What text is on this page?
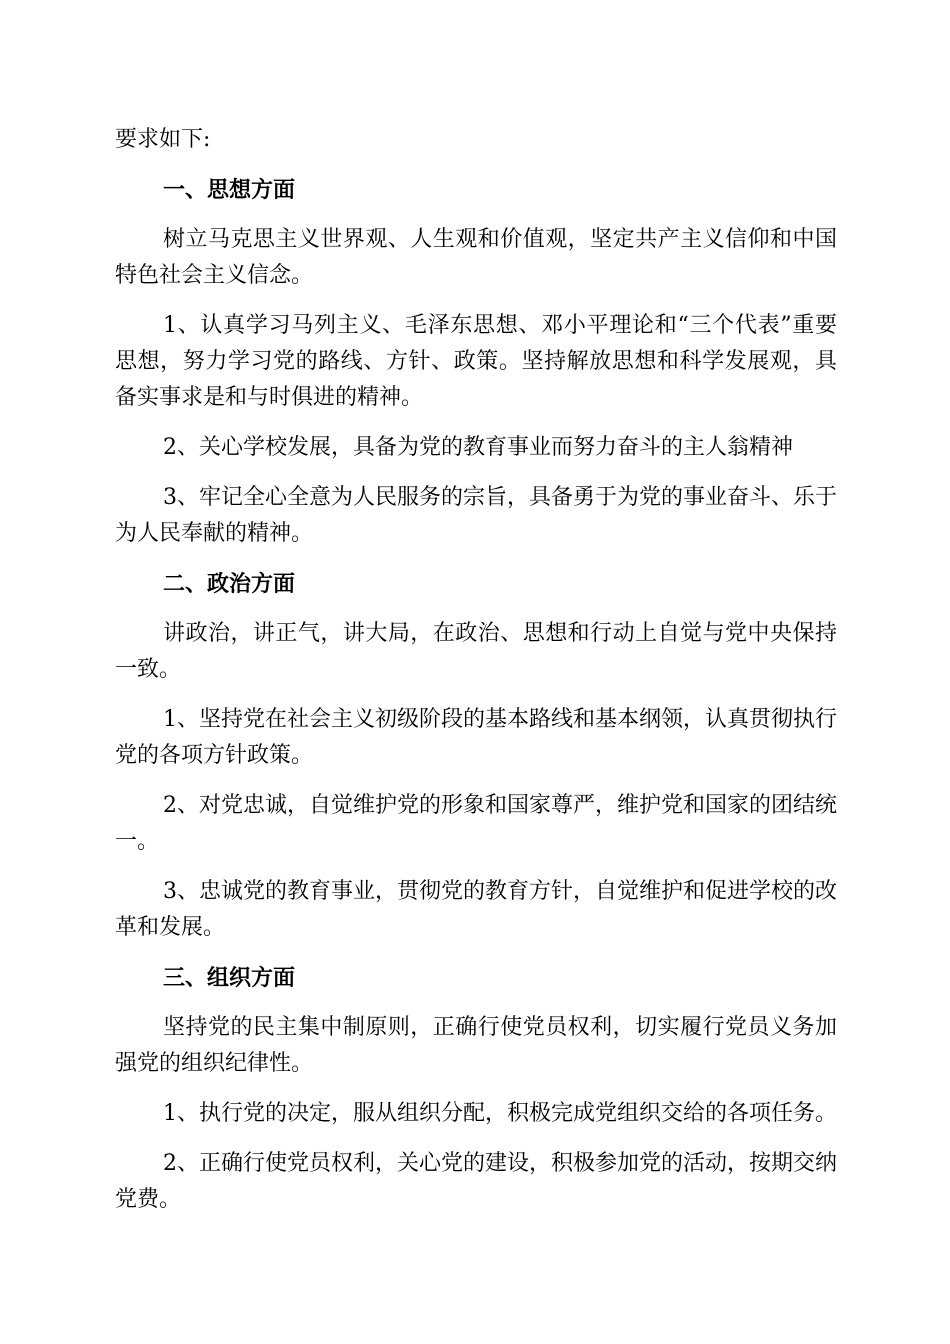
要求如下:

一、思想方面

树立马克思主义世界观、人生观和价值观，坚定共产主义信仰和中国特色社会主义信念。

1、认真学习马列主义、毛泽东思想、邓小平理论和“三个代表”重要思想，努力学习党的路线、方针、政策。坚持解放思想和科学发展观，具备实事求是和与时俱进的精神。

2、关心学校发展，具备为党的教育事业而努力奋斗的主人翁精神

3、牢记全心全意为人民服务的宗旨，具备勇于为党的事业奋斗、乐于为人民奉献的精神。

二、政治方面

讲政治，讲正气，讲大局，在政治、思想和行动上自觉与党中央保持一致。

1、坚持党在社会主义初级阶段的基本路线和基本纲领，认真贯彻执行党的各项方针政策。

2、对党忠诚，自觉维护党的形象和国家尊严，维护党和国家的团结统一。

3、忠诚党的教育事业，贯彻党的教育方针，自觉维护和促进学校的改革和发展。

三、组织方面

坚持党的民主集中制原则，正确行使党员权利，切实履行党员义务加强党的组织纪律性。

1、执行党的决定，服从组织分配，积极完成党组织交给的各项任务。

2、正确行使党员权利，关心党的建设，积极参加党的活动，按期交纳党费。
